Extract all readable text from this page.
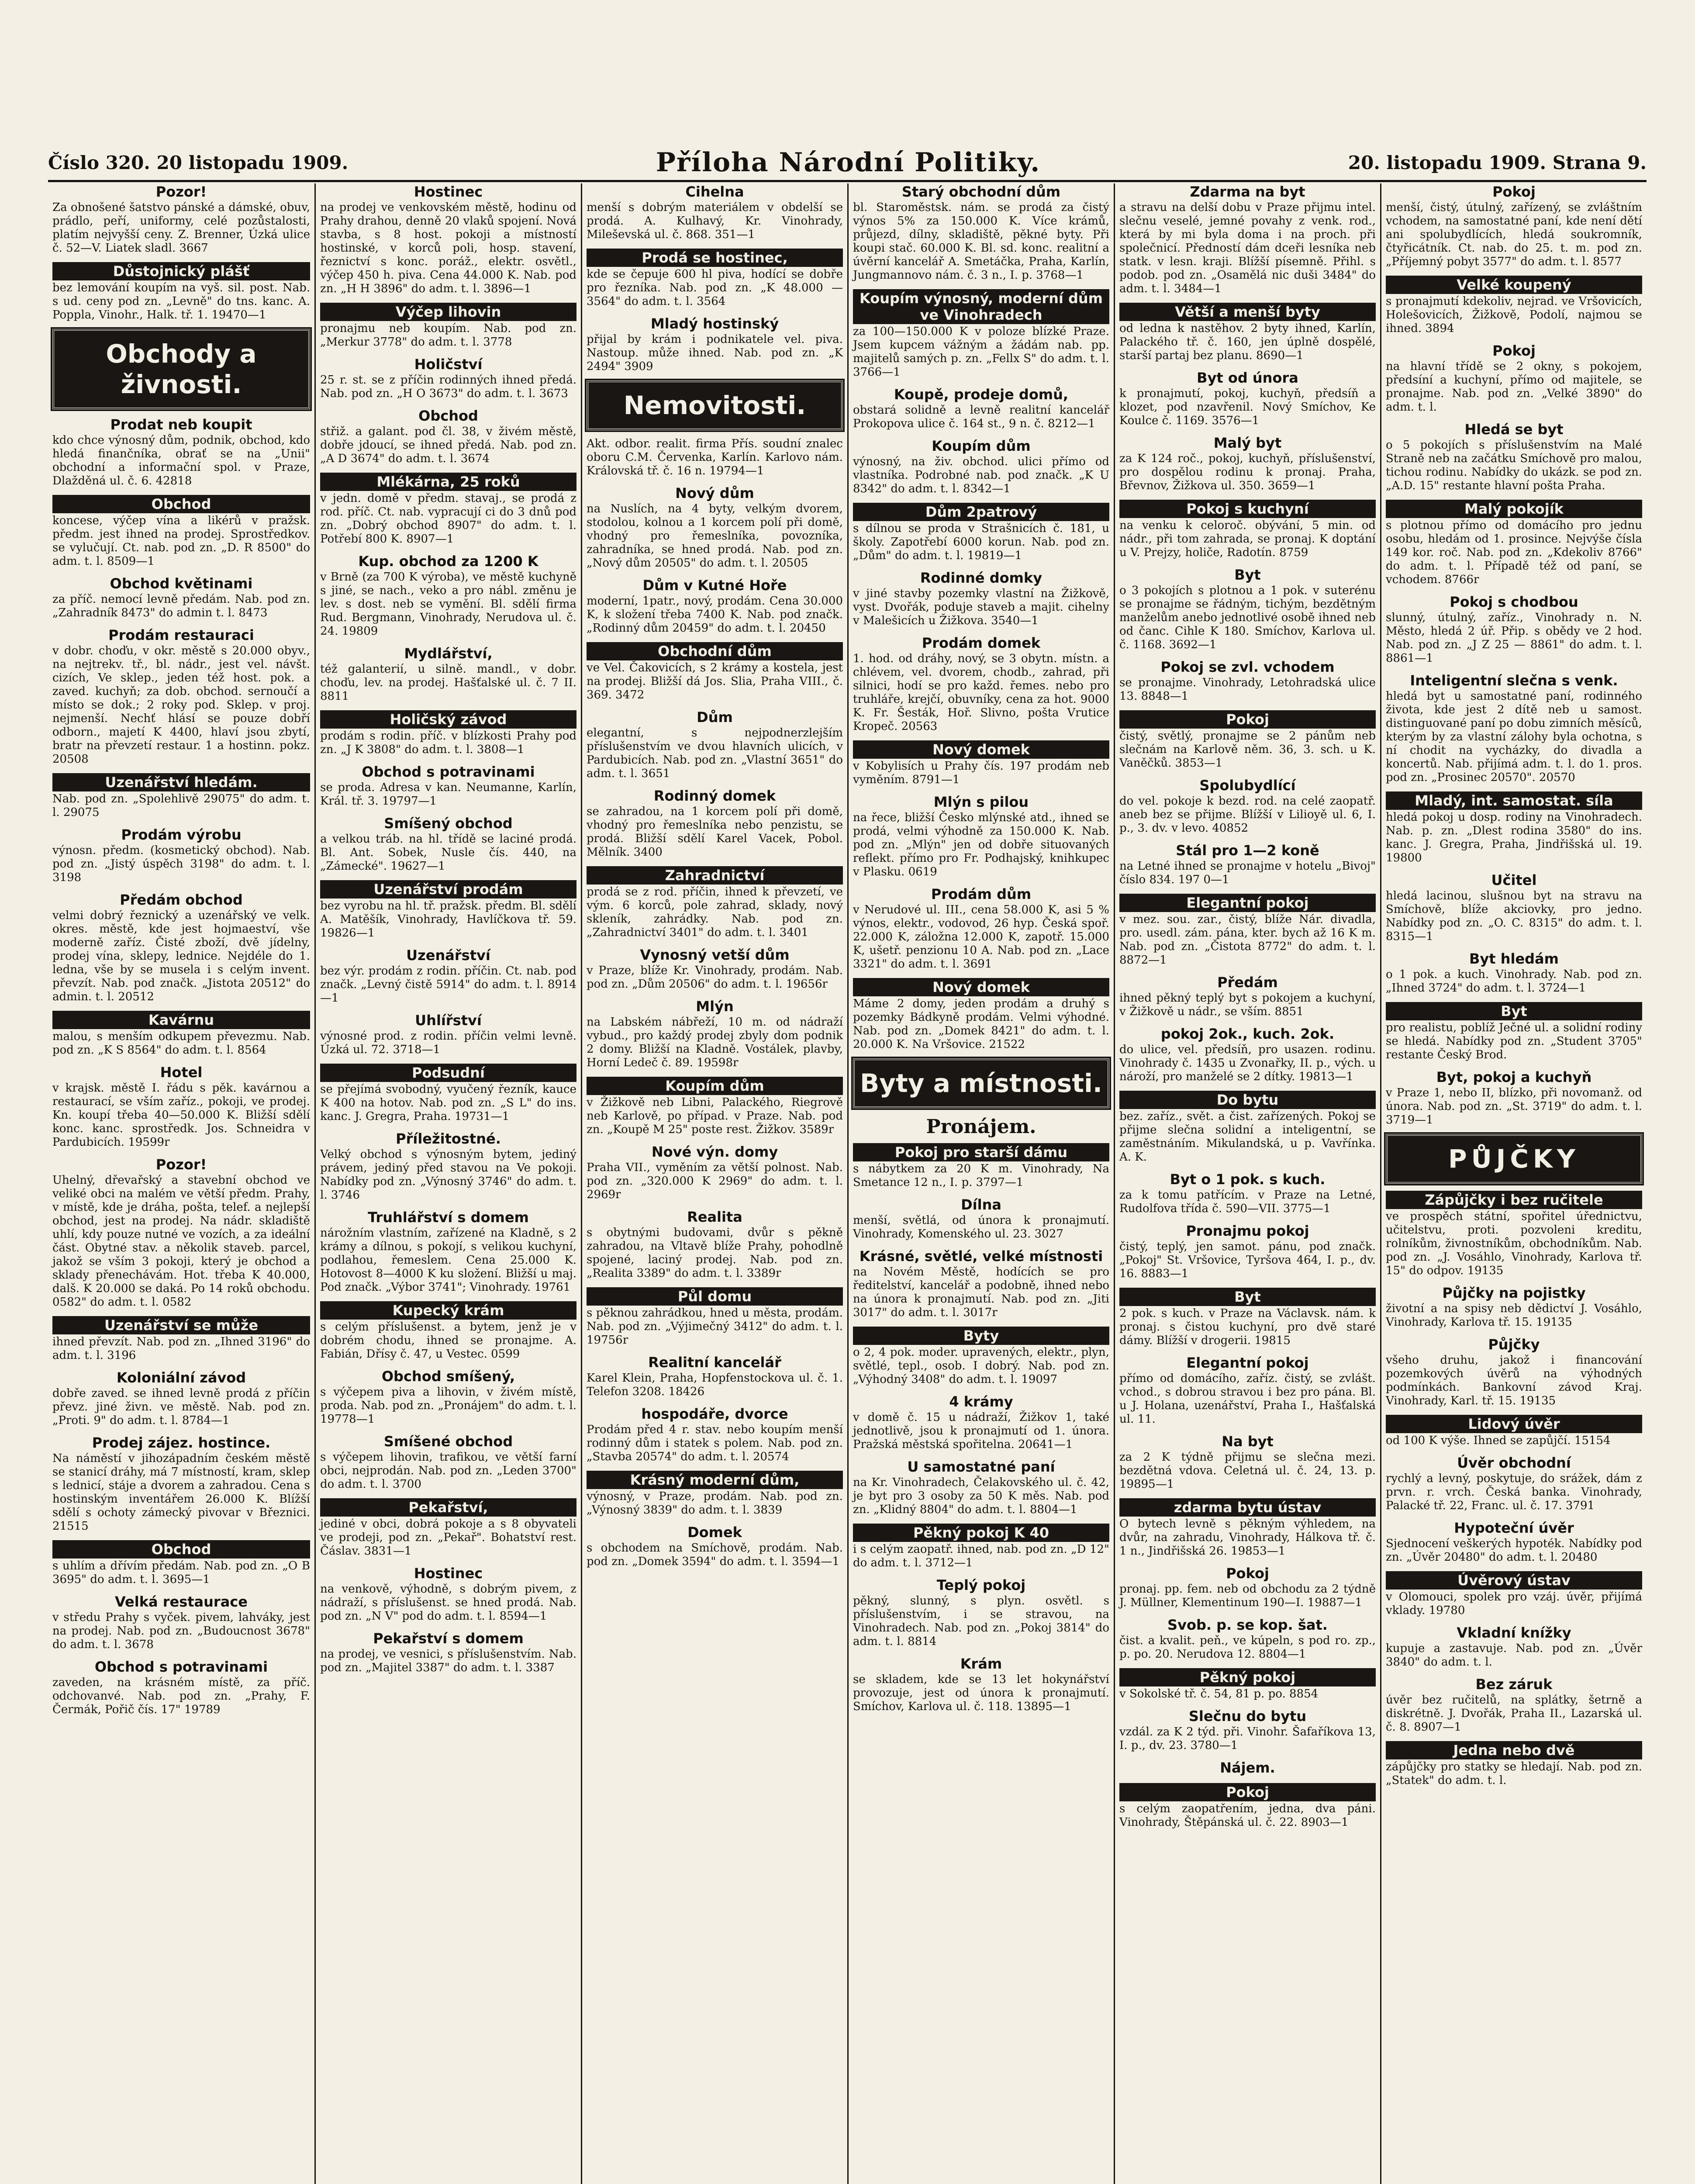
Číslo 320. 20 listopadu 1909.	Příloha Národní Politiky.	20. listopadu 1909. Strana 9.
Pozor!

Za obnošené šatstvo pánské a dámské, obuv, prádlo, peří, uniformy, celé pozůstalosti, platím nejvyšší ceny. Z. Brenner, Úzká ulice č. 52—V. Liatek sladl. 3667

Důstojnický plášť

bez lemování koupím na vyš. sil. post. Nab. s ud. ceny pod zn. „Levně" do tns. kanc. A. Poppla, Vinohr., Halk. tř. 1. 19470—1

Obchody a živnosti.
Prodat neb koupit

kdo chce výnosný dům, podnik, obchod, kdo hledá finančníka, obrať se na „Unii" obchodní a informační spol. v Praze, Dlažděná ul. č. 6. 42818

Obchod

koncese, výčep vína a likérů v pražsk. předm. jest ihned na prodej. Sprostředkov. se vylučují. Ct. nab. pod zn. „D. R 8500" do adm. t. l. 8509—1

Obchod květinami

za příč. nemocí levně předám. Nab. pod zn. „Zahradník 8473" do admin t. l. 8473

Prodám restauraci

v dobr. choďu, v okr. městě s 20.000 obyv., na nejtrekv. tř., bl. nádr., jest vel. návšt. cizích, Ve sklep., jeden též host. pok. a zaved. kuchyň; za dob. obchod. sernoučí a místo se dok.; 2 roky pod. Sklep. v proj. nejmenší. Nechť hlásí se pouze dobří odborn., majetí K 4400, hlaví jsou zbytí, bratr na převzetí restaur. 1 a hostinn. pokz. 20508

Uzenářství hledám.

Nab. pod zn. „Spolehlivě 29075" do adm. t. l. 29075

Prodám výrobu

výnosn. předm. (kosmetický obchod). Nab. pod zn. „Jistý úspěch 3198" do adm. t. l. 3198

Předám obchod

velmi dobrý řeznický a uzenářský ve velk. okres. městě, kde jest hojmaeství, vše moderně zaříz. Čisté zboží, dvě jídelny, prodej vína, sklepy, lednice. Nejdéle do 1. ledna, vše by se musela i s celým invent. převzít. Nab. pod značk. „Jistota 20512" do admin. t. l. 20512

Kavárnu

malou, s menším odkupem převezmu. Nab. pod zn. „K S 8564" do adm. t. l. 8564

Hotel

v krajsk. městě I. řádu s pěk. kavárnou a restaurací, se vším zaříz., pokoji, ve prodej. Kn. koupí třeba 40—50.000 K. Bližší sdělí konc. kanc. sprostředk. Jos. Schneidra v Pardubicích. 19599r

Pozor!

Uhelný, dřevařský a stavební obchod ve veliké obci na malém ve větší předm. Prahy, v místě, kde je dráha, pošta, telef. a nejlepší obchod, jest na prodej. Na nádr. skladiště uhlí, kdy pouze nutné ve vozích, a za ideální část. Obytné stav. a několik staveb. parcel, jakož se vším 3 pokoji, který je obchod a sklady přenechávám. Hot. třeba K 40.000, dalš. K 20.000 se daká. Po 14 roků obchodu. 0582" do adm. t. l. 0582

Uzenářství se může

ihned převzít. Nab. pod zn. „Ihned 3196" do adm. t. l. 3196

Koloniální závod

dobře zaved. se ihned levně prodá z příčin převz. jiné živn. ve městě. Nab. pod zn. „Proti. 9" do adm. t. l. 8784—1

Prodej zájez. hostince.

Na náměstí v jihozápadním českém městě se stanicí dráhy, má 7 místností, kram, sklep s lednicí, stáje a dvorem a zahradou. Cena s hostinským inventářem 26.000 K. Blížší sdělí s ochoty zámecký pivovar v Březnici. 21515

Obchod

s uhlím a dřívím předám. Nab. pod zn. „O B 3695" do adm. t. l. 3695—1

Velká restaurace

v středu Prahy s vyček. pivem, lahváky, jest na prodej. Nab. pod zn. „Budoucnost 3678" do adm. t. l. 3678

Obchod s potravinami

zaveden, na krásném místě, za příč. odchovanvé. Nab. pod zn. „Prahy, F. Čermák, Pořič čís. 17" 19789

Hostinec

na prodej ve venkovském městě, hodinu od Prahy drahou, denně 20 vlaků spojení. Nová stavba, s 8 host. pokoji a místností hostinské, v korců poli, hosp. stavení, řeznictví s konc. poráž., elektr. osvětl., výčep 450 h. piva. Cena 44.000 K. Nab. pod zn. „H H 3896" do adm. t. l. 3896—1

Výčep lihovin

pronajmu neb koupím. Nab. pod zn. „Merkur 3778" do adm. t. l. 3778

Holičství

25 r. st. se z příčin rodinných ihned předá. Nab. pod zn. „H O 3673" do adm. t. l. 3673

Obchod

střiž. a galant. pod čl. 38, v živém městě, dobře jdoucí, se ihned předá. Nab. pod zn. „A D 3674" do adm. t. l. 3674

Mlékárna, 25 roků

v jedn. domě v předm. stavaj., se prodá z rod. příč. Ct. nab. vypracují ci do 3 dnů pod zn. „Dobrý obchod 8907" do adm. t. l. Potřebí 800 K. 8907—1

Kup. obchod za 1200 K

v Brně (za 700 K výroba), ve městě kuchyně s jiné, se nach., veko a pro nábl. změnu je lev. s dost. neb se vymění. Bl. sdělí firma Rud. Bergmann, Vinohrady, Nerudova ul. č. 24. 19809

Mydlářství,

též galanterií, u silně. mandl., v dobr. choďu, lev. na prodej. Hašťalské ul. č. 7 II. 8811

Holičský závod

prodám s rodin. příč. v blízkosti Prahy pod zn. „J K 3808" do adm. t. l. 3808—1

Obchod s potravinami

se proda. Adresa v kan. Neumanne, Karlín, Král. tř. 3. 19797—1

Smíšený obchod

a velkou tráb. na hl. třídě se laciné prodá. Bl. Ant. Sobek, Nusle čís. 440, na „Zámecké". 19627—1

Uzenářství prodám

bez vyrobu na hl. tř. pražsk. předm. Bl. sdělí A. Matěšík, Vinohrady, Havlíčkova tř. 59. 19826—1

Uzenářství

bez výr. prodám z rodin. příčin. Ct. nab. pod značk. „Levný čistě 5914" do adm. t. l. 8914—1

Uhlířství

výnosné prod. z rodin. příčin velmi levně. Úzká ul. 72. 3718—1

Podsudní

se přejímá svobodný, vyučený řezník, kauce K 400 na hotov. Nab. pod zn. „S L" do ins. kanc. J. Gregra, Praha. 19731—1

Příležitostné.

Velký obchod s výnosným bytem, jediný právem, jediný před stavou na Ve pokoji. Nabídky pod zn. „Výnosný 3746" do adm. t. l. 3746

Truhlářství s domem

nárožním vlastním, zařízené na Kladně, s 2 krámy a dílnou, s pokojí, s velikou kuchyní, podlahou, řemeslem. Cena 25.000 K. Hotovost 8—4000 K ku složení. Bližší u maj. Pod značk. „Výbor 3741"; Vinohrady. 19761

Kupecký krám

s celým příslušenst. a bytem, jenž je v dobrém chodu, ihned se pronajme. A. Fabián, Dřísy č. 47, u Vestec. 0599

Obchod smíšený,

s výčepem piva a lihovin, v živém místě, proda. Nab. pod zn. „Pronájem" do adm. t. l. 19778—1

Smíšené obchod

s výčepem lihovin, trafikou, ve větší farní obci, nejprodán. Nab. pod zn. „Leden 3700" do adm. t. l. 3700

Pekařství,

jediné v obci, dobrá pokoje a s 8 obyvateli ve prodeji, pod zn. „Pekař". Bohatství rest. Čáslav. 3831—1

Hostinec

na venkově, výhodně, s dobrým pivem, z nádraží, s příslušenst. se hned prodá. Nab. pod zn. „N V" pod do adm. t. l. 8594—1

Pekařství s domem

na prodej, ve vesnici, s příslušenstvím. Nab. pod zn. „Majitel 3387" do adm. t. l. 3387

Cihelna

menší s dobrým materiálem v obdelší se prodá. A. Kulhavý, Kr. Vinohrady, Mileševská ul. č. 868. 351—1

Prodá se hostinec,

kde se čepuje 600 hl piva, hodící se dobře pro řezníka. Nab. pod zn. „K 48.000 — 3564" do adm. t. l. 3564

Mladý hostinský

přijal by krám i podnikatele vel. piva. Nastoup. může ihned. Nab. pod zn. „K 2494" 3909

Nemovitosti.

Akt. odbor. realit. firma Přís. soudní znalec oboru C.M. Červenka, Karlín. Karlovo nám. Královská tř. č. 16 n. 19794—1

Nový dům

na Nuslích, na 4 byty, velkým dvorem, stodolou, kolnou a 1 korcem polí při domě, vhodný pro řemeslníka, povozníka, zahradníka, se hned prodá. Nab. pod zn. „Nový dům 20505" do adm. t. l. 20505

Dům v Kutné Hoře

moderní, 1patr., nový, prodám. Cena 30.000 K, k složení třeba 7400 K. Nab. pod značk. „Rodinný dům 20459" do adm. t. l. 20450

Obchodní dům

ve Vel. Čakovicích, s 2 krámy a kostela, jest na prodej. Bližší dá Jos. Slia, Praha VIII., č. 369. 3472

Dům

elegantní, s nejpodnerzlejším příslušenstvím ve dvou hlavních ulicích, v Pardubicích. Nab. pod zn. „Vlastní 3651" do adm. t. l. 3651

Rodinný domek

se zahradou, na 1 korcem polí při domě, vhodný pro řemeslníka nebo penzistu, se prodá. Bližší sdělí Karel Vacek, Pobol. Mělník. 3400

Zahradnictví

prodá se z rod. příčin, ihned k převzetí, ve vým. 6 korců, pole zahrad, sklady, nový skleník, zahrádky. Nab. pod zn. „Zahradnictví 3401" do adm. t. l. 3401

Vynosný vetší dům

v Praze, blíže Kr. Vinohrady, prodám. Nab. pod zn. „Dům 20506" do adm. t. l. 19656r

Mlýn

na Labském nábřeží, 10 m. od nádraží vybud., pro každý prodej zbyly dom podnik 2 domy. Bližší na Kladně. Vostálek, plavby, Horní Ledeč č. 89. 19598r

Koupím dům

v Žižkově neb Libni, Palackého, Riegrově neb Karlově, po případ. v Praze. Nab. pod zn. „Koupě M 25" poste rest. Žižkov. 3589r

Nové výn. domy

Praha VII., vyměním za větší polnost. Nab. pod zn. „320.000 K 2969" do adm. t. l. 2969r

Realita

s obytnými budovami, dvůr s pěkně zahradou, na Vltavě blíže Prahy, pohodlně spojené, laciný prodej. Nab. pod zn. „Realita 3389" do adm. t. l. 3389r

Půl domu

s pěknou zahrádkou, hned u města, prodám. Nab. pod zn. „Výjimečný 3412" do adm. t. l. 19756r

Realitní kancelář

Karel Klein, Praha, Hopfenstockova ul. č. 1. Telefon 3208. 18426

hospodáře, dvorce

Prodám před 4 r. stav. nebo koupím menší rodinný dům i statek s polem. Nab. pod zn. „Stavba 20574" do adm. t. l. 20574

Krásný moderní dům,

výnosný, v Praze, prodám. Nab. pod zn. „Výnosný 3839" do adm. t. l. 3839

Domek

s obchodem na Smíchově, prodám. Nab. pod zn. „Domek 3594" do adm. t. l. 3594—1

Starý obchodní dům

bl. Staroměstsk. nám. se prodá za čistý výnos 5% za 150.000 K. Více krámů, průjezd, dílny, skladiště, pěkné byty. Při koupi stač. 60.000 K. Bl. sd. konc. realitní a úvěrní kancelář A. Smetáčka, Praha, Karlín, Jungmannovo nám. č. 3 n., I. p. 3768—1

Koupím výnosný, moderní dům ve Vinohradech

za 100—150.000 K v poloze blízké Praze. Jsem kupcem vážným a žádám nab. pp. majitelů samých p. zn. „Fellx S" do adm. t. l. 3766—1

Koupě, prodeje domů,

obstará solidně a levně realitní kancelář Prokopova ulice č. 164 st., 9 n. č. 8212—1

Koupím dům

výnosný, na živ. obchod. ulici přímo od vlastníka. Podrobné nab. pod značk. „K U 8342" do adm. t. l. 8342—1

Dům 2patrový

s dílnou se proda v Strašnicích č. 181, u školy. Zapotřebí 6000 korun. Nab. pod zn. „Dům" do adm. t. l. 19819—1

Rodinné domky

v jiné stavby pozemky vlastní na Žižkově, vyst. Dvořák, poduje staveb a majit. cihelny v Malešicích u Žižkova. 3540—1

Prodám domek

1. hod. od dráhy, nový, se 3 obytn. místn. a chlévem, vel. dvorem, chodb., zahrad, při silnici, hodí se pro každ. řemes. nebo pro truhláře, krejčí, obuvníky, cena za hot. 9000 K. Fr. Šesták, Hoř. Slivno, pošta Vrutice Kropeč. 20563

Nový domek

v Kobylisích u Prahy čís. 197 prodám neb vyměním. 8791—1

Mlýn s pilou

na řece, bližší Česko mlýnské atd., ihned se prodá, velmi výhodně za 150.000 K. Nab. pod zn. „Mlýn" jen od dobře situovaných reflekt. přímo pro Fr. Podhajský, knihkupec v Plasku. 0619

Prodám dům

v Nerudové ul. III., cena 58.000 K, asi 5 % výnos, elektr., vodovod, 26 hyp. Česká spoř. 22.000 K, záložna 12.000 K, zapotř. 15.000 K, ušetř. penzionu 10 A. Nab. pod zn. „Lace 3321" do adm. t. l. 3691

Nový domek

Máme 2 domy, jeden prodám a druhý s pozemky Bádkyně prodám. Velmi výhodné. Nab. pod zn. „Domek 8421" do adm. t. l. 20.000 K. Na Vršovice. 21522

Byty a místnosti.
Pronájem.
Pokoj pro starší dámu

s nábytkem za 20 K m. Vinohrady, Na Smetance 12 n., I. p. 3797—1

Dílna

menší, světlá, od února k pronajmutí. Vinohrady, Komenského ul. 23. 3027

Krásné, světlé, velké místnosti

na Novém Městě, hodících se pro ředitelství, kancelář a podobně, ihned nebo na února k pronajmutí. Nab. pod zn. „Jiti 3017" do adm. t. l. 3017r

Byty

o 2, 4 pok. moder. upravených, elektr., plyn, světlé, tepl., osob. I dobrý. Nab. pod zn. „Výhodný 3408" do adm. t. l. 19097

4 krámy

v domě č. 15 u nádraží, Žižkov 1, také jednotlivě, jsou k pronajmutí od 1. února. Pražská městská spořitelna. 20641—1

U samostatné paní

na Kr. Vinohradech, Čelakovského ul. č. 42, je byt pro 3 osoby za 50 K měs. Nab. pod zn. „Klidný 8804" do adm. t. l. 8804—1

Pěkný pokoj K 40

i s celým zaopatř. ihned, nab. pod zn. „D 12" do adm. t. l. 3712—1

Teplý pokoj

pěkný, slunný, s plyn. osvětl. s příslušenstvím, i se stravou, na Vinohradech. Nab. pod zn. „Pokoj 3814" do adm. t. l. 8814

Krám

se skladem, kde se 13 let hokynářství provozuje, jest od února k pronajmutí. Smíchov, Karlova ul. č. 118. 13895—1

Zdarma na byt

a stravu na delší dobu v Praze přijmu intel. slečnu veselé, jemné povahy z venk. rod., která by mi byla doma i na proch. při společnicí. Předností dám dceři lesníka neb statk. v lesn. kraji. Blížší písemně. Přihl. s podob. pod zn. „Osamělá nic duši 3484" do adm. t. l. 3484—1

Větší a menší byty

od ledna k nastěhov. 2 byty ihned, Karlín, Palackého tř. č. 160, jen úplně dospělé, starší partaj bez planu. 8690—1

Byt od února

k pronajmutí, pokoj, kuchyň, předsíň a klozet, pod nzavřenil. Nový Smíchov, Ke Koulce č. 1169. 3576—1

Malý byt

za K 124 roč., pokoj, kuchyň, příslušenství, pro dospělou rodinu k pronaj. Praha, Břevnov, Žižkova ul. 350. 3659—1

Pokoj s kuchyní

na venku k celoroč. obývání, 5 min. od nádr., při tom zahrada, se pronaj. K doptání u V. Prejzy, holiče, Radotín. 8759

Byt

o 3 pokojích s plotnou a 1 pok. v suterénu se pronajme se řádným, tichým, bezdětným manželům anebo jednotlivé osobě ihned neb od čanc. Cihle K 180. Smíchov, Karlova ul. č. 1168. 3692—1

Pokoj se zvl. vchodem

se pronajme. Vinohrady, Letohradská ulice 13. 8848—1

Pokoj

čistý, světlý, pronajme se 2 pánům neb slečnám na Karlově něm. 36, 3. sch. u K. Vaněčků. 3853—1

Spolubydlící

do vel. pokoje k bezd. rod. na celé zaopatř. aneb bez se přijme. Blížší v Lilioyě ul. 6, I. p., 3. dv. v levo. 40852

Stál pro 1—2 koně

na Letné ihned se pronajme v hotelu „Bivoj" číslo 834. 197 0—1

Elegantní pokoj

v mez. sou. zar., čistý, blíže Nár. divadla, pro. usedl. zám. pána, kter. bych až 16 K m. Nab. pod zn. „Čistota 8772" do adm. t. l. 8872—1

Předám

ihned pěkný teplý byt s pokojem a kuchyní, v Žižkově u nádr., se vším. 8851

pokoj 2ok., kuch. 2ok.

do ulice, vel. předsíň, pro usazen. rodinu. Vinohrady č. 1435 u Zvonařky, II. p., vých. u nároží, pro manželé se 2 dítky. 19813—1

Do bytu

bez. zaříz., svět. a čist. zařízených. Pokoj se přijme slečna solidní a inteligentní, se zaměstnáním. Mikulandská, u p. Vavřínka. A. K.

Byt o 1 pok. s kuch.

za k tomu patřícím. v Praze na Letné, Rudolfova třída č. 590—VII. 3775—1

Pronajmu pokoj

čistý, teplý, jen samot. pánu, pod značk. „Pokoj" St. Vršovice, Tyršova 464, I. p., dv. 16. 8883—1

Byt

2 pok. s kuch. v Praze na Václavsk. nám. k pronaj. s čistou kuchyní, pro dvě staré dámy. Blížší v drogerii. 19815

Elegantní pokoj

přímo od domácího, zaříz. čistý, se zvlášt. vchod., s dobrou stravou i bez pro pána. Bl. u J. Holana, uzenářství, Praha I., Hašťalská ul. 11.

Na byt

za 2 K týdně přijmu se slečna mezi. bezdětná vdova. Celetná ul. č. 24, 13. p. 19895—1

zdarma bytu ústav

O bytech levně s pěkným výhledem, na dvůr, na zahradu, Vinohrady, Hálkova tř. č. 1 n., Jindřišská 26. 19853—1

Pokoj

pronaj. pp. fem. neb od obchodu za 2 týdně J. Müllner, Klementinum 190—I. 19887—1

Svob. p. se kop. šat.

čist. a kvalit. peň., ve kúpeln, s pod ro. zp., p. po. 20. Nerudova 12. 8804—1

Pěkný pokoj

v Sokolské tř. č. 54, 81 p. po. 8854

Slečnu do bytu

vzdál. za K 2 týd. při. Vinohr. Šafaříkova 13, I. p., dv. 23. 3780—1

Nájem.
Pokoj

s celým zaopatřením, jedna, dva páni. Vinohrady, Štěpánská ul. č. 22. 8903—1

Pokoj

menší, čistý, útulný, zařízený, se zvláštním vchodem, na samostatné paní, kde není dětí ani spolubydlících, hledá soukromník, čtyřicátník. Ct. nab. do 25. t. m. pod zn. „Příjemný pobyt 3577" do adm. t. l. 8577

Velké koupený

s pronajmutí kdekoliv, nejrad. ve Vršovicích, Holešovicích, Žižkově, Podolí, najmou se ihned. 3894

Pokoj

na hlavní třídě se 2 okny, s pokojem, předsíní a kuchyní, přímo od majitele, se pronajme. Nab. pod zn. „Velké 3890" do adm. t. l.

Hledá se byt

o 5 pokojích s příslušenstvím na Malé Straně neb na začátku Smíchově pro malou, tichou rodinu. Nabídky do ukázk. se pod zn. „A.D. 15" restante hlavní pošta Praha.

Malý pokojík

s plotnou přímo od domácího pro jednu osobu, hledám od 1. prosince. Nejvýše čísla 149 kor. roč. Nab. pod zn. „Kdekoliv 8766" do adm. t. l. Případě též od paní, se vchodem. 8766r

Pokoj s chodbou

slunný, útulný, zaříz., Vinohrady n. N. Město, hledá 2 úř. Přip. s obědy ve 2 hod. Nab. pod zn. „J Z 25 — 8861" do adm. t. l. 8861—1

Inteligentní slečna s venk.

hledá byt u samostatné paní, rodinného života, kde jest 2 dítě neb u samost. distinguované paní po dobu zimních měsíců, kterým by za vlastní zálohy byla ochotna, s ní chodit na vycházky, do divadla a koncertů. Nab. přijímá adm. t. l. do 1. pros. pod zn. „Prosinec 20570". 20570

Mladý, int. samostat. síla

hledá pokoj u dosp. rodiny na Vinohradech. Nab. p. zn. „Dlest rodina 3580" do ins. kanc. J. Gregra, Praha, Jindřišská ul. 19. 19800

Učitel

hledá lacinou, slušnou byt na stravu na Smíchově, blíže akciovky, pro jedno. Nabídky pod zn. „O. C. 8315" do adm. t. l. 8315—1

Byt hledám

o 1 pok. a kuch. Vinohrady. Nab. pod zn. „Ihned 3724" do adm. t. l. 3724—1

Byt

pro realistu, poblíž Ječné ul. a solidní rodiny se hledá. Nabídky pod zn. „Student 3705" restante Český Brod.

Byt, pokoj a kuchyň

v Praze 1, nebo II, blízko, při novomanž. od února. Nab. pod zn. „St. 3719" do adm. t. l. 3719—1

PŮJČKY
Zápůjčky i bez ručitele

ve prospěch státní, spořitel úřednictvu, učitelstvu, proti. pozvoleni kreditu, rolníkům, živnostníkům, obchodníkům. Nab. pod zn. „J. Vosáhlo, Vinohrady, Karlova tř. 15" do odpov. 19135

Půjčky na pojistky

životní a na spisy neb dědictví J. Vosáhlo, Vinohrady, Karlova tř. 15. 19135

Půjčky

všeho druhu, jakož i financování pozemkových úvěrů na výhodných podmínkách. Bankovní závod Kraj. Vinohrady, Karl. tř. 15. 19135

Lidový úvěr

od 100 K výše. Ihned se zapůjčí. 15154

Úvěr obchodní

rychlý a levný, poskytuje, do srážek, dám z prvn. r. vrch. Česká banka. Vinohrady, Palacké tř. 22, Franc. ul. č. 17. 3791

Hypoteční úvěr

Sjednocení veškerých hypoték. Nabídky pod zn. „Úvěr 20480" do adm. t. l. 20480

Úvěrový ústav

v Olomouci, spolek pro vzáj. úvěr, přijímá vklady. 19780

Vkladní knížky

kupuje a zastavuje. Nab. pod zn. „Úvěr 3840" do adm. t. l.

Bez záruk

úvěr bez ručitelů, na splátky, šetrně a diskrétně. J. Dvořák, Praha II., Lazarská ul. č. 8. 8907—1

Jedna nebo dvě

zápůjčky pro statky se hledají. Nab. pod zn. „Statek" do adm. t. l.
